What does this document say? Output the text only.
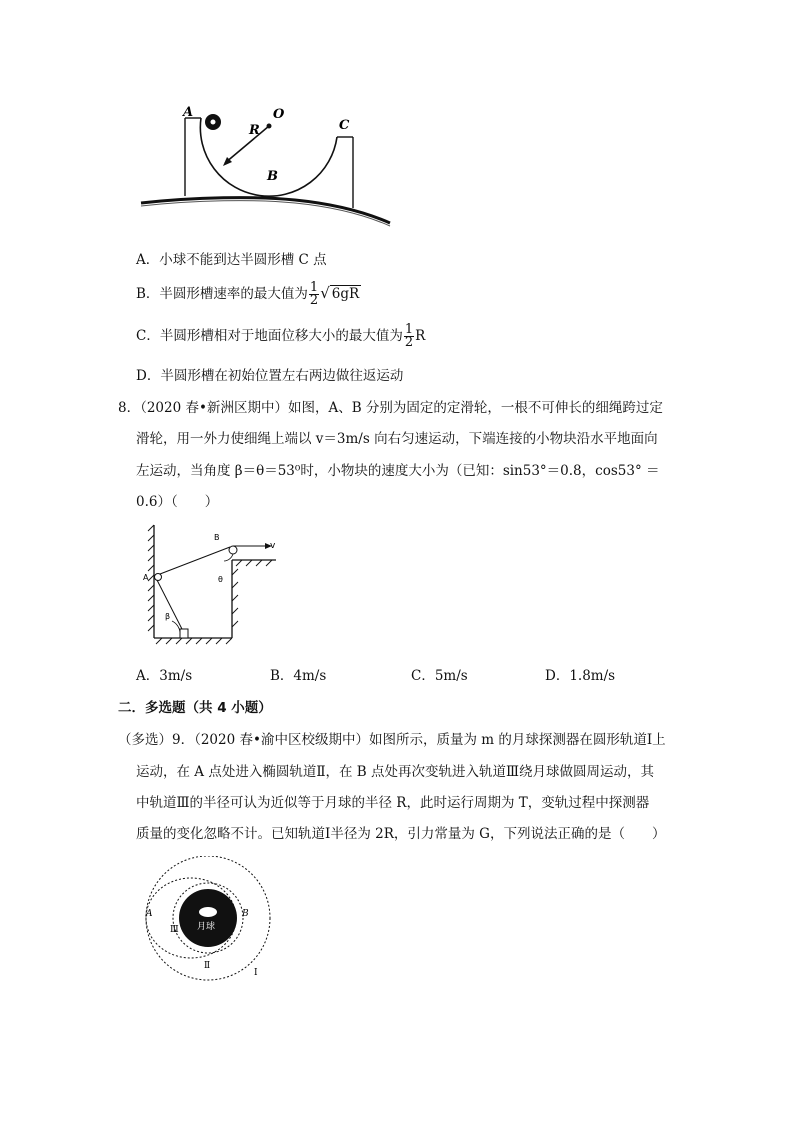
A	O
R	C
B
A．小球不能到达半圆形槽 C 点
B．半圆形槽速率的最大值为 $\frac{1}{2}$ √ 6gR
C．半圆形槽相对于地面位移大小的最大值为 $\frac{1}{2}$ R
D．半圆形槽在初始位置左右两边做往返运动
8．（2020 春•新洲区期中）如图，A、B 分别为固定的定滑轮，一根不可伸长的细绳跨过定
滑轮，用一外力使细绳上端以 v＝3m/s 向右匀速运动，下端连接的小物块沿水平地面向
左运动，当角度 β＝θ＝53⁰时，小物块的速度大小为（已知：sin53°＝0.8，cos53° ＝
0.6）（　　）
A
B
v
θ
β
A．3m/s	B．4m/s	C．5m/s	D．1.8m/s
二．多选题（共 4 小题）
（多选）9．（2020 春•渝中区校级期中）如图所示，质量为 m 的月球探测器在圆形轨道Ⅰ上
运动，在 A 点处进入椭圆轨道Ⅱ，在 B 点处再次变轨进入轨道Ⅲ绕月球做圆周运动，其
中轨道Ⅲ的半径可认为近似等于月球的半径 R，此时运行周期为 T，变轨过程中探测器
质量的变化忽略不计。已知轨道Ⅰ半径为 2R，引力常量为 G，下列说法正确的是（　　）
A	B
Ⅲ
Ⅱ
Ⅰ
月球
